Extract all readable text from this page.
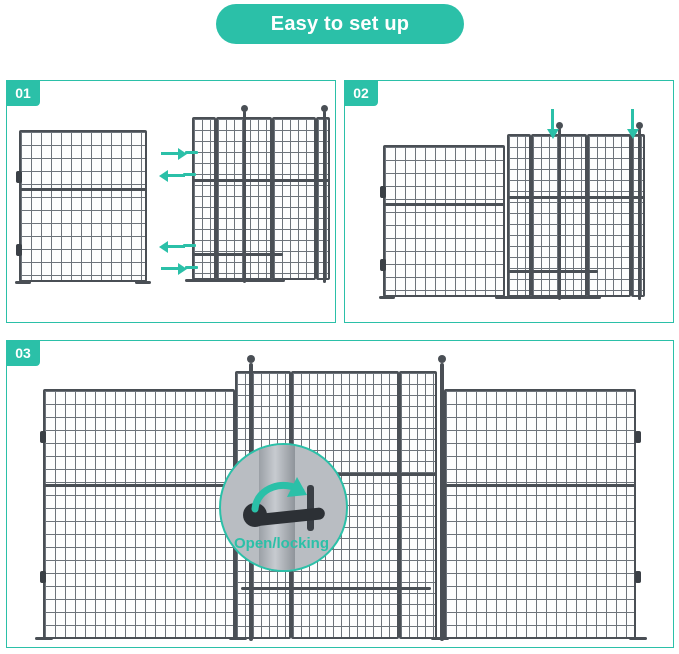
Easy to set up
01	02
03
Open/locking
